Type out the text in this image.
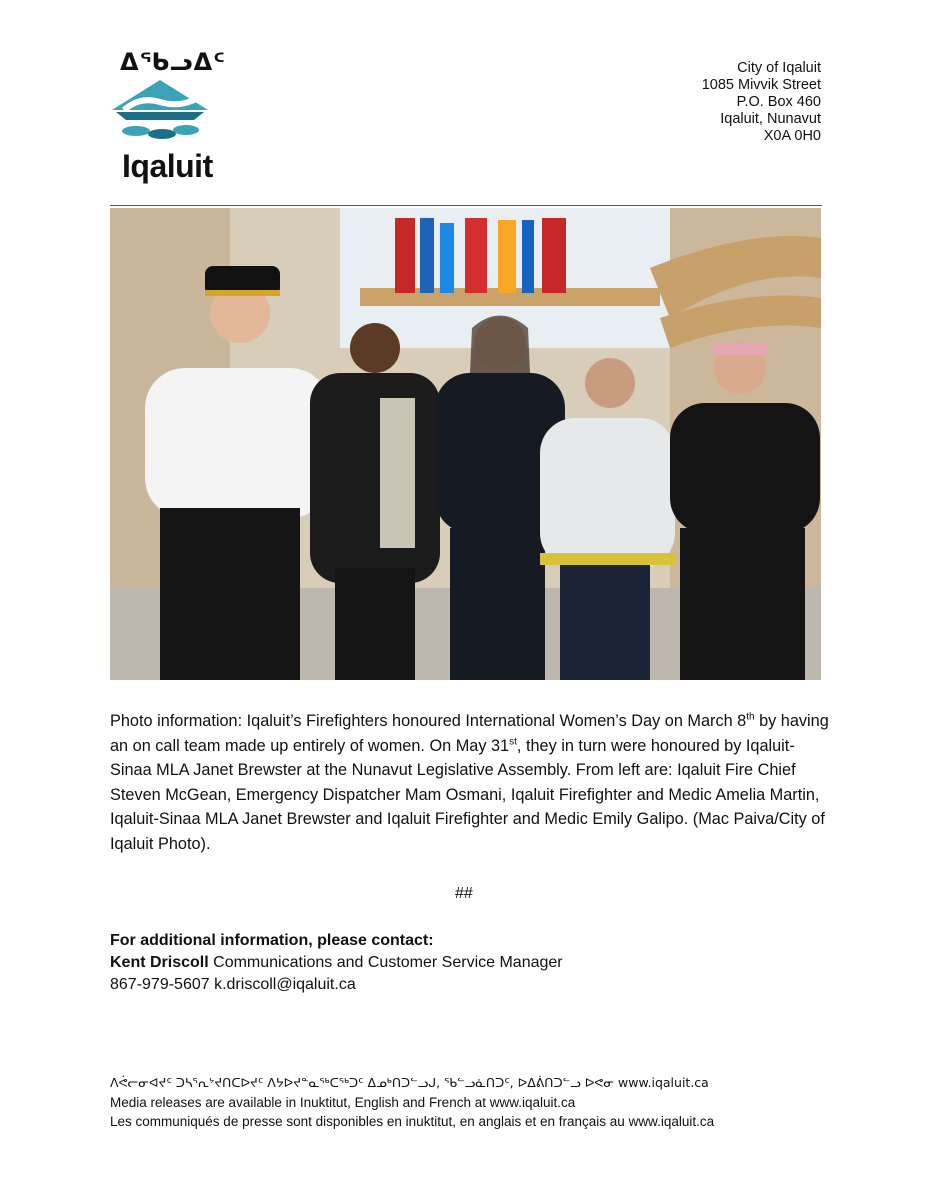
ᐃᖃᓗᐃᑦ
Iqaluit
City of Iqaluit
1085 Mivvik Street
P.O. Box 460
Iqaluit, Nunavut
X0A 0H0
Photo information: Iqaluit’s Firefighters honoured International Women’s Day on March 8th by having an on call team made up entirely of women. On May 31st, they in turn were honoured by Iqaluit-Sinaa MLA Janet Brewster at the Nunavut Legislative Assembly. From left are: Iqaluit Fire Chief Steven McGean, Emergency Dispatcher Mam Osmani, Iqaluit Firefighter and Medic Amelia Martin, Iqaluit-Sinaa MLA Janet Brewster and Iqaluit Firefighter and Medic Emily Galipo. (Mac Paiva/City of Iqaluit Photo).
##
For additional information, please contact:
Kent Driscoll Communications and Customer Service Manager
867-979-5607 k.driscoll@iqaluit.ca
ᐱᕚᓕᓂᐊᔪᑦ ᑐᓴᕐᕆᔾᔪᑎᑕᐅᔪᑦ ᐱᔭᐅᔪᓐᓇᖅᑕᖅᑐᑦ ᐃᓄᒃᑎᑐᓪᓗᒍ, ᖃᓪᓗᓈᑎᑐᑦ, ᐅᐃᕖᑎᑐᓪᓗ ᐅᕙᓂ www.iqaluit.ca
Media releases are available in Inuktitut, English and French at www.iqaluit.ca
Les communiqués de presse sont disponibles en inuktitut, en anglais et en français au www.iqaluit.ca
